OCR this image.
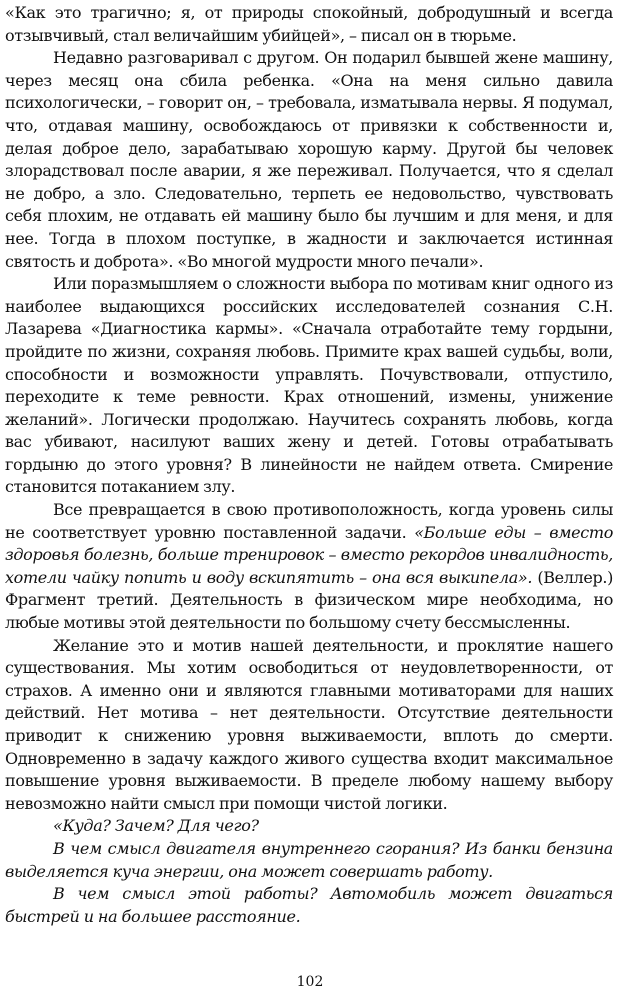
«Как это трагично; я, от природы спокойный, добродушный и всегда отзывчивый, стал величайшим убийцей», – писал он в тюрьме.

Недавно разговаривал с другом. Он подарил бывшей жене машину, через месяц она сбила ребенка. «Она на меня сильно давила психологически, – говорит он, – требовала, изматывала нервы. Я подумал, что, отдавая машину, освобождаюсь от привязки к собственности и, делая доброе дело, зарабатываю хорошую карму. Другой бы человек злорадствовал после аварии, я же переживал. Получается, что я сделал не добро, а зло. Следовательно, терпеть ее недовольство, чувствовать себя плохим, не отдавать ей машину было бы лучшим и для меня, и для нее. Тогда в плохом поступке, в жадности и заключается истинная святость и доброта». «Во многой мудрости много печали».

Или поразмышляем о сложности выбора по мотивам книг одного из наиболее выдающихся российских исследователей сознания С.Н. Лазарева «Диагностика кармы». «Сначала отработайте тему гордыни, пройдите по жизни, сохраняя любовь. Примите крах вашей судьбы, воли, способности и возможности управлять. Почувствовали, отпустило, переходите к теме ревности. Крах отношений, измены, унижение желаний». Логически продолжаю. Научитесь сохранять любовь, когда вас убивают, насилуют ваших жену и детей. Готовы отрабатывать гордыню до этого уровня? В линейности не найдем ответа. Смирение становится потаканием злу.

Все превращается в свою противоположность, когда уровень силы не соответствует уровню поставленной задачи. «Больше еды – вместо здоровья болезнь, больше тренировок – вместо рекордов инвалидность, хотели чайку попить и воду вскипятить – она вся выкипела». (Веллер.) Фрагмент третий. Деятельность в физическом мире необходима, но любые мотивы этой деятельности по большому счету бессмысленны.

Желание это и мотив нашей деятельности, и проклятие нашего существования. Мы хотим освободиться от неудовлетворенности, от страхов. А именно они и являются главными мотиваторами для наших действий. Нет мотива – нет деятельности. Отсутствие деятельности приводит к снижению уровня выживаемости, вплоть до смерти. Одновременно в задачу каждого живого существа входит максимальное повышение уровня выживаемости. В пределе любому нашему выбору невозможно найти смысл при помощи чистой логики.

«Куда? Зачем? Для чего?

В чем смысл двигателя внутреннего сгорания? Из банки бензина выделяется куча энергии, она может совершать работу.

В чем смысл этой работы? Автомобиль может двигаться быстрей и на большее расстояние.

102
